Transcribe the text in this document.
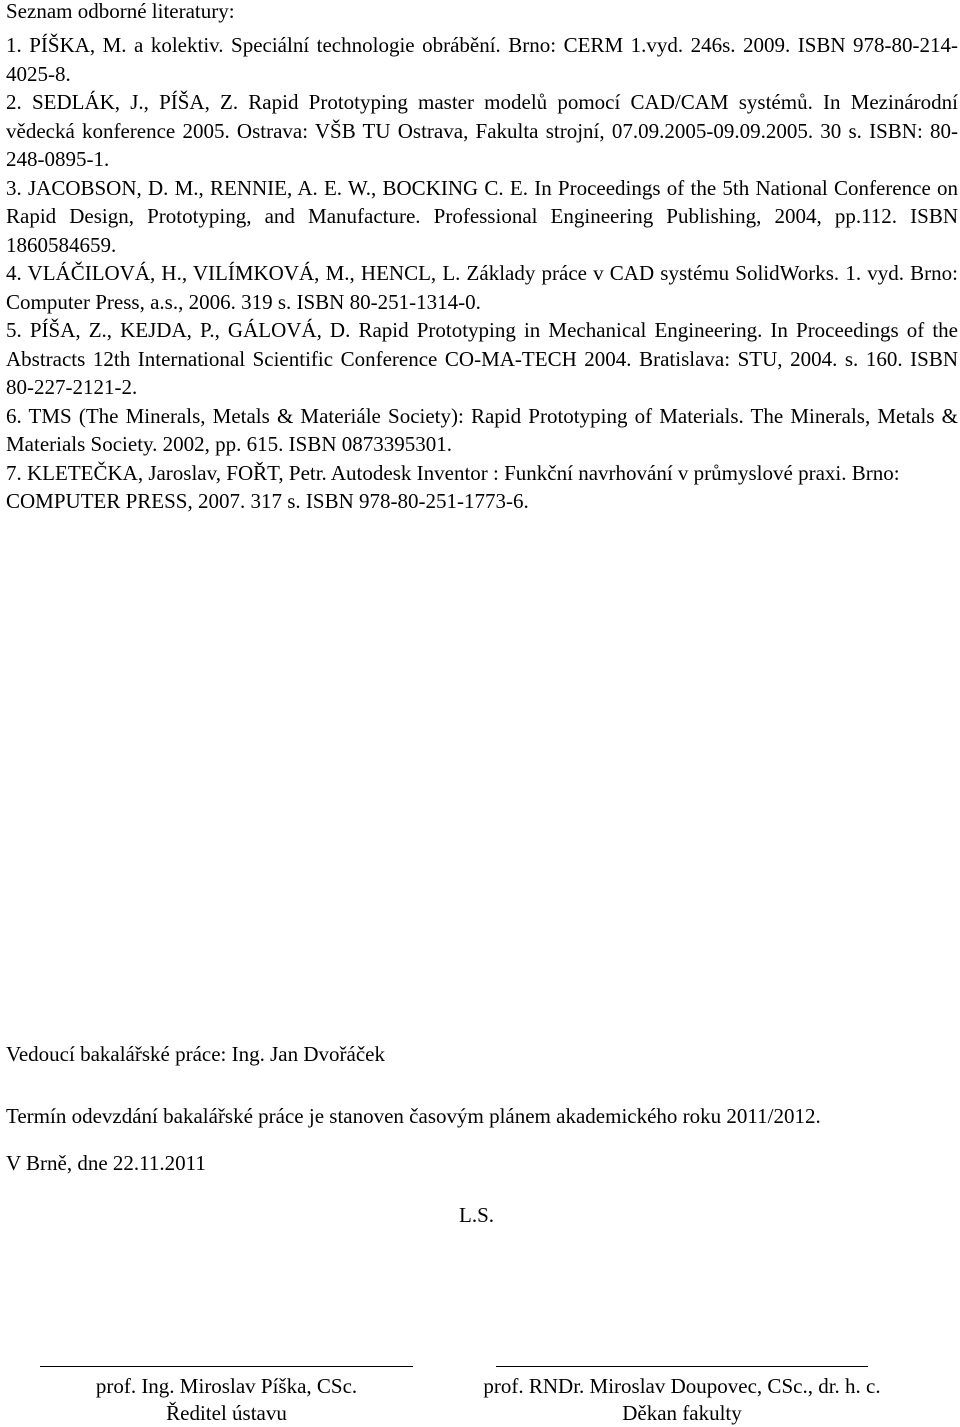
Seznam odborné literatury:

1. PÍŠKA, M. a kolektiv. Speciální technologie obrábění. Brno: CERM 1.vyd. 246s. 2009. ISBN 978-80-214-4025-8.

2. SEDLÁK, J., PÍŠA, Z. Rapid Prototyping master modelů pomocí CAD/CAM systémů. In Mezinárodní vědecká konference 2005. Ostrava: VŠB TU Ostrava, Fakulta strojní, 07.09.2005-09.09.2005. 30 s. ISBN: 80-248-0895-1.

3. JACOBSON, D. M., RENNIE, A. E. W., BOCKING C. E. In Proceedings of the 5th National Conference on Rapid Design, Prototyping, and Manufacture. Professional Engineering Publishing, 2004, pp.112. ISBN 1860584659.

4. VLÁČILOVÁ, H., VILÍMKOVÁ, M., HENCL, L. Základy práce v CAD systému SolidWorks. 1. vyd. Brno: Computer Press, a.s., 2006. 319 s. ISBN 80-251-1314-0.

5. PÍŠA, Z., KEJDA, P., GÁLOVÁ, D. Rapid Prototyping in Mechanical Engineering. In Proceedings of the Abstracts 12th International Scientific Conference CO-MA-TECH 2004. Bratislava: STU, 2004. s. 160. ISBN 80-227-2121-2.

6. TMS (The Minerals, Metals & Materiále Society): Rapid Prototyping of Materials. The Minerals, Metals & Materials Society. 2002, pp. 615. ISBN 0873395301.

7. KLETEČKA, Jaroslav, FOŘT, Petr. Autodesk Inventor : Funkční navrhování v průmyslové praxi. Brno: COMPUTER PRESS, 2007. 317 s. ISBN 978-80-251-1773-6.

Vedoucí bakalářské práce: Ing. Jan Dvořáček
Termín odevzdání bakalářské práce je stanoven časovým plánem akademického roku 2011/2012.
V Brně, dne 22.11.2011
L.S.
prof. Ing. Miroslav Píška, CSc.
Ředitel ústavu
prof. RNDr. Miroslav Doupovec, CSc., dr. h. c.
Děkan fakulty
